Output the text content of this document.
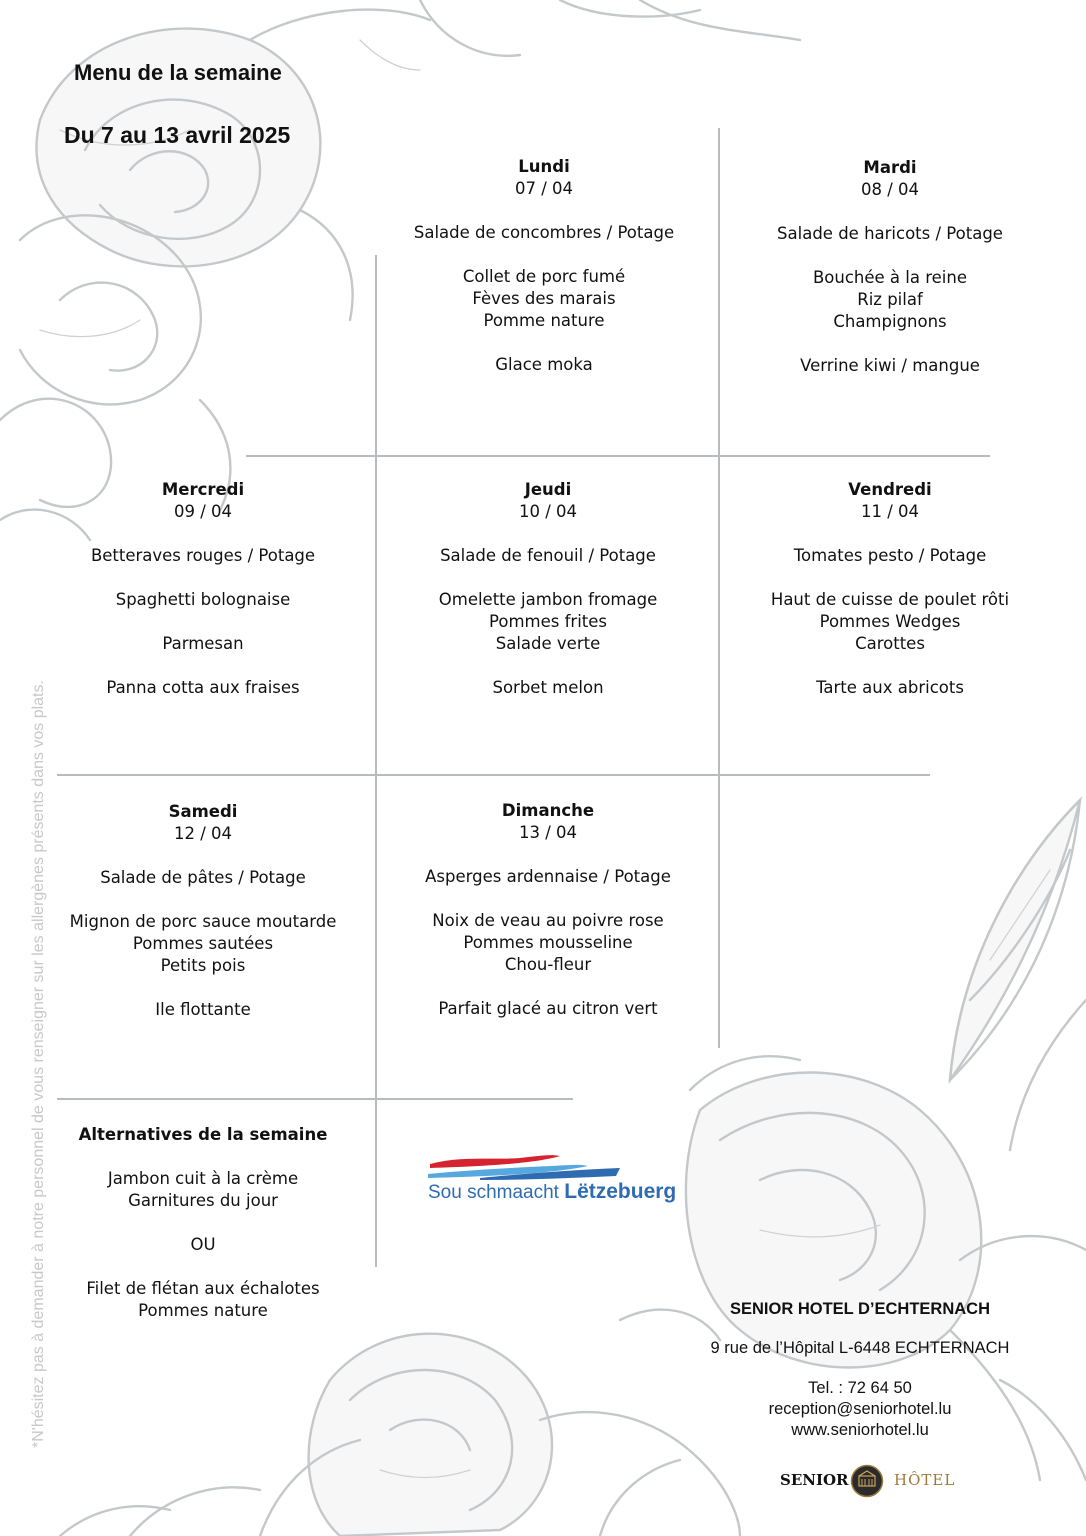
Menu de la semaine
Du 7 au 13 avril 2025
Lundi
07 / 04
Salade de concombres / Potage
Collet de porc fumé
Fèves des marais
Pomme nature
Glace moka
Mardi
08 / 04
Salade de haricots / Potage
Bouchée à la reine
Riz pilaf
Champignons
Verrine kiwi / mangue
Mercredi
09 / 04
Betteraves rouges / Potage
Spaghetti bolognaise
Parmesan
Panna cotta aux fraises
Jeudi
10 / 04
Salade de fenouil / Potage
Omelette jambon fromage
Pommes frites
Salade verte
Sorbet melon
Vendredi
11 / 04
Tomates pesto / Potage
Haut de cuisse de poulet rôti
Pommes Wedges
Carottes
Tarte aux abricots
Samedi
12 / 04
Salade de pâtes / Potage
Mignon de porc sauce moutarde
Pommes sautées
Petits pois
Ile flottante
Dimanche
13 / 04
Asperges ardennaise / Potage
Noix de veau au poivre rose
Pommes mousseline
Chou-fleur
Parfait glacé au citron vert
Alternatives de la semaine
Jambon cuit à la crème
Garnitures du jour
OU
Filet de flétan aux échalotes
Pommes nature
*N'hésitez pas à demander à notre personnel de vous renseigner sur les allergènes présents dans vos plats.	Sou schmaacht Lëtzebuerg
SENIOR HOTEL D’ECHTERNACH
9 rue de l’Hôpital L-6448 ECHTERNACH
Tel. : 72 64 50
reception@seniorhotel.lu
www.seniorhotel.lu
SENIOR	HÔTEL
